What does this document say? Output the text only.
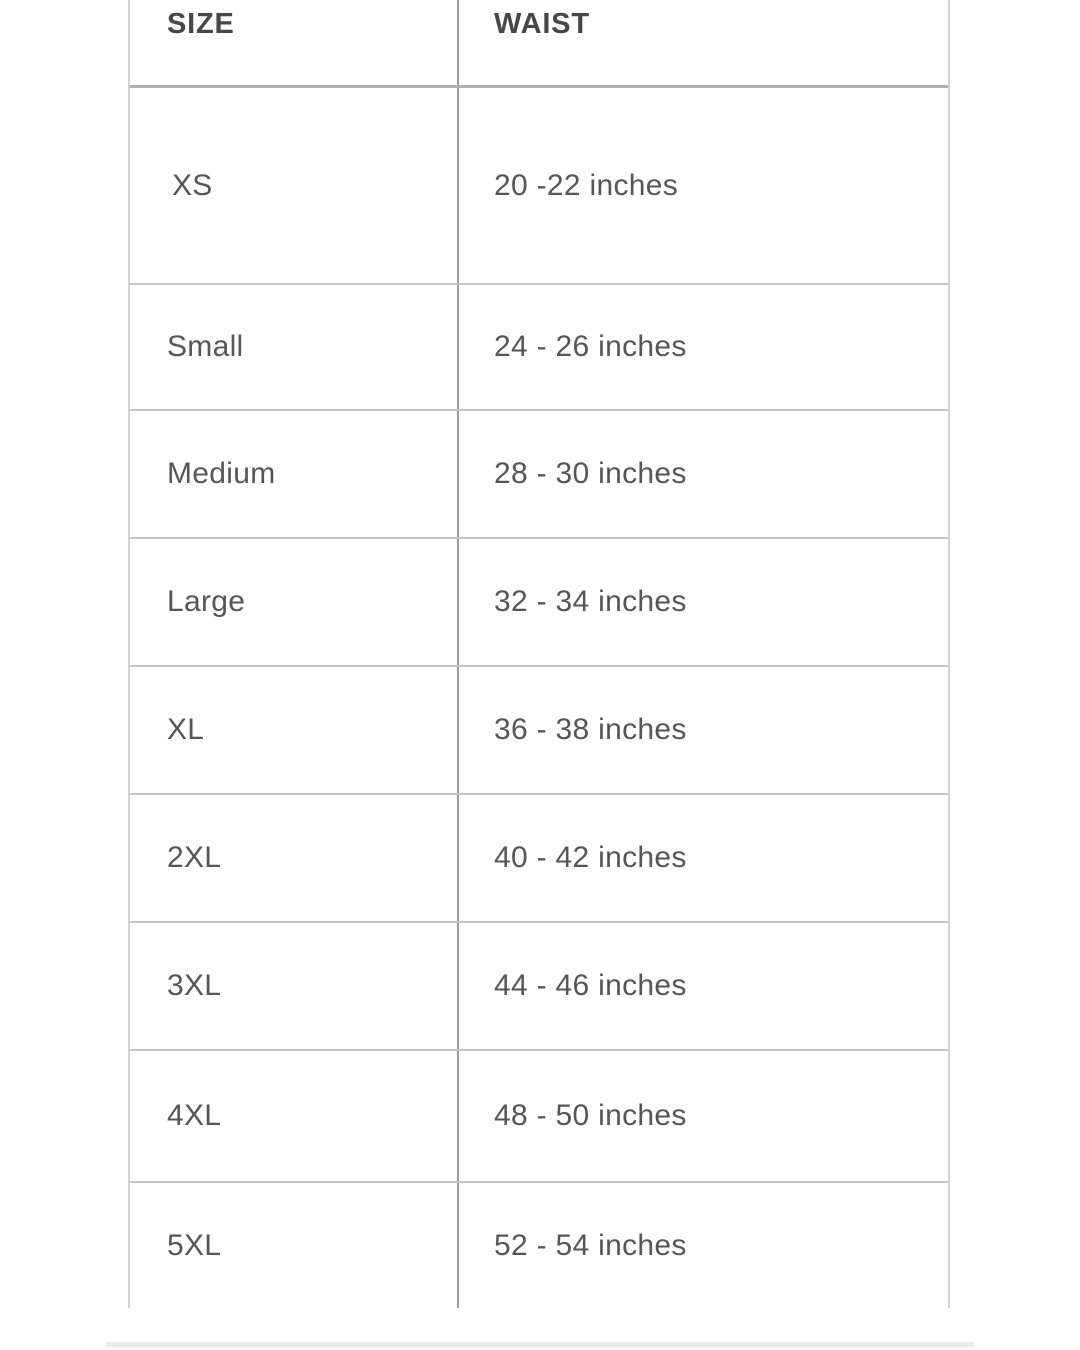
SIZE	WAIST
XS	20 -22 inches
Small	24 - 26 inches
Medium	28 - 30 inches
Large	32 - 34 inches
XL	36 - 38 inches
2XL	40 - 42 inches
3XL	44 - 46 inches
4XL	48 - 50 inches
5XL	52 - 54 inches
